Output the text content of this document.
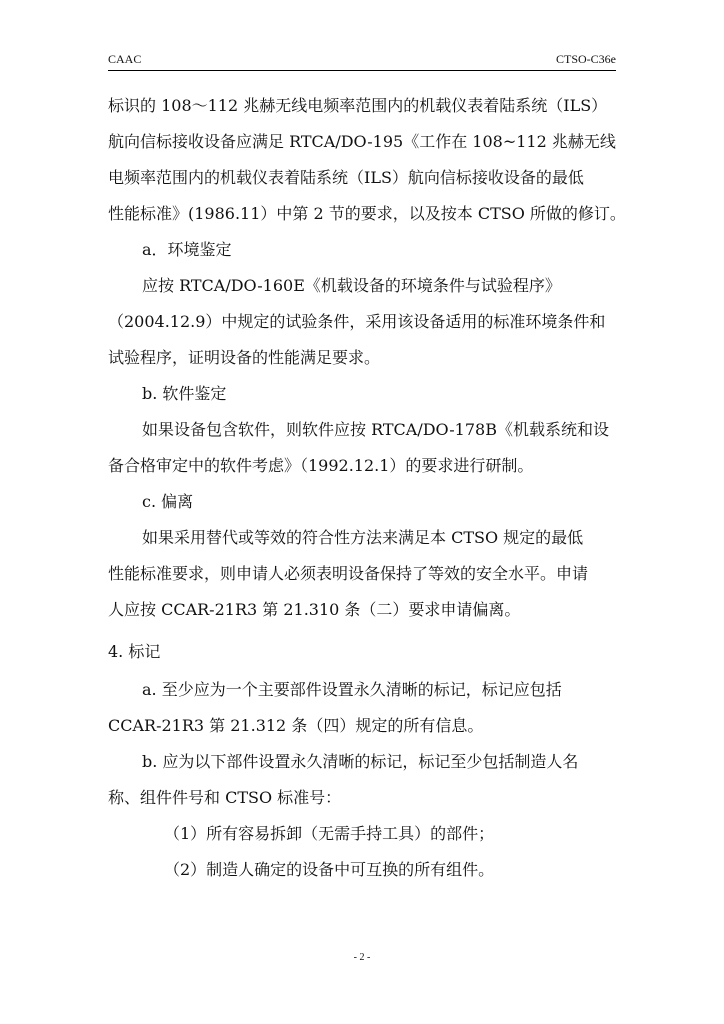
CAAC	CTSO-C36e

标识的 108～112 兆赫无线电频率范围内的机载仪表着陆系统（ILS）
航向信标接收设备应满足 RTCA/DO-195《工作在 108~112 兆赫无线
电频率范围内的机载仪表着陆系统（ILS）航向信标接收设备的最低
性能标准》(1986.11）中第 2 节的要求，以及按本 CTSO 所做的修订。

a．环境鉴定

应按 RTCA/DO-160E《机载设备的环境条件与试验程序》
（2004.12.9）中规定的试验条件，采用该设备适用的标准环境条件和
试验程序，证明设备的性能满足要求。

b. 软件鉴定

如果设备包含软件，则软件应按 RTCA/DO-178B《机载系统和设
备合格审定中的软件考虑》（1992.12.1）的要求进行研制。

c. 偏离

如果采用替代或等效的符合性方法来满足本 CTSO 规定的最低
性能标准要求，则申请人必须表明设备保持了等效的安全水平。申请
人应按 CCAR-21R3 第 21.310 条（二）要求申请偏离。

4. 标记

a. 至少应为一个主要部件设置永久清晰的标记，标记应包括
CCAR-21R3 第 21.312 条（四）规定的所有信息。

b. 应为以下部件设置永久清晰的标记，标记至少包括制造人名
称、组件件号和 CTSO 标准号：

（1）所有容易拆卸（无需手持工具）的部件；

（2）制造人确定的设备中可互换的所有组件。

- 2 -
